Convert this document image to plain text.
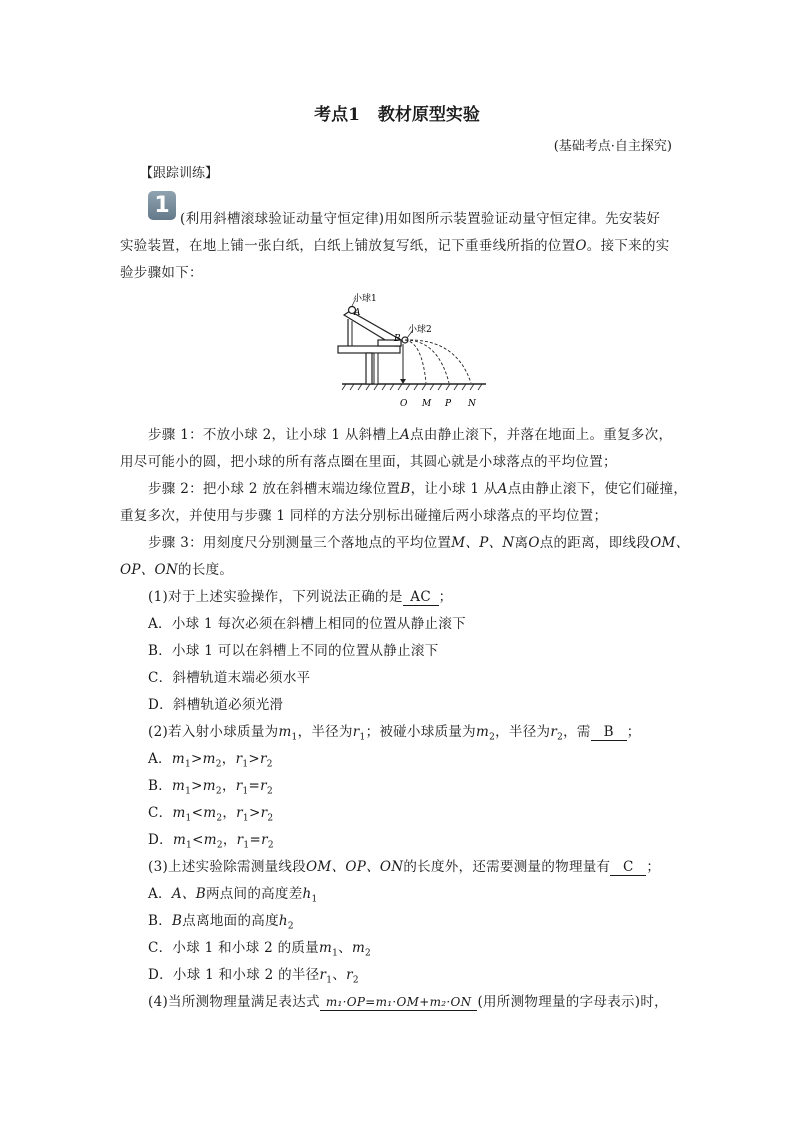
考点1 教材原型实验
(基础考点·自主探究)
【跟踪训练】
1
(利用斜槽滚球验证动量守恒定律)用如图所示装置验证动量守恒定律。先安装好
实验装置，在地上铺一张白纸，白纸上铺放复写纸，记下重垂线所指的位置O。接下来的实
验步骤如下：
小球1
A
B
小球2
O M P N
步骤 1：不放小球 2，让小球 1 从斜槽上A点由静止滚下，并落在地面上。重复多次，
用尽可能小的圆，把小球的所有落点圈在里面，其圆心就是小球落点的平均位置；
步骤 2：把小球 2 放在斜槽末端边缘位置B，让小球 1 从A点由静止滚下，使它们碰撞，
重复多次，并使用与步骤 1 同样的方法分别标出碰撞后两小球落点的平均位置；
步骤 3：用刻度尺分别测量三个落地点的平均位置M、P、N离O点的距离，即线段OM、
OP、ON的长度。
(1)对于上述实验操作，下列说法正确的是 AC ；
A．小球 1 每次必须在斜槽上相同的位置从静止滚下
B．小球 1 可以在斜槽上不同的位置从静止滚下
C．斜槽轨道末端必须水平
D．斜槽轨道必须光滑
(2)若入射小球质量为$m_1$，半径为$r_1$；被碰小球质量为$m_2$，半径为$r_2$，需 B ；
A．$m_1>m_2$，$r_1>r_2$
B．$m_1>m_2$，$r_1=r_2$
C．$m_1<m_2$，$r_1>r_2$
D．$m_1<m_2$，$r_1=r_2$
(3)上述实验除需测量线段OM、OP、ON的长度外，还需要测量的物理量有 C ；
A．A、B两点间的高度差$h_1$
B．B点离地面的高度$h_2$
C．小球 1 和小球 2 的质量$m_1$、$m_2$
D．小球 1 和小球 2 的半径$r_1$、$r_2$
(4)当所测物理量满足表达式 m₁·OP=m₁·OM+m₂·ON (用所测物理量的字母表示)时，
